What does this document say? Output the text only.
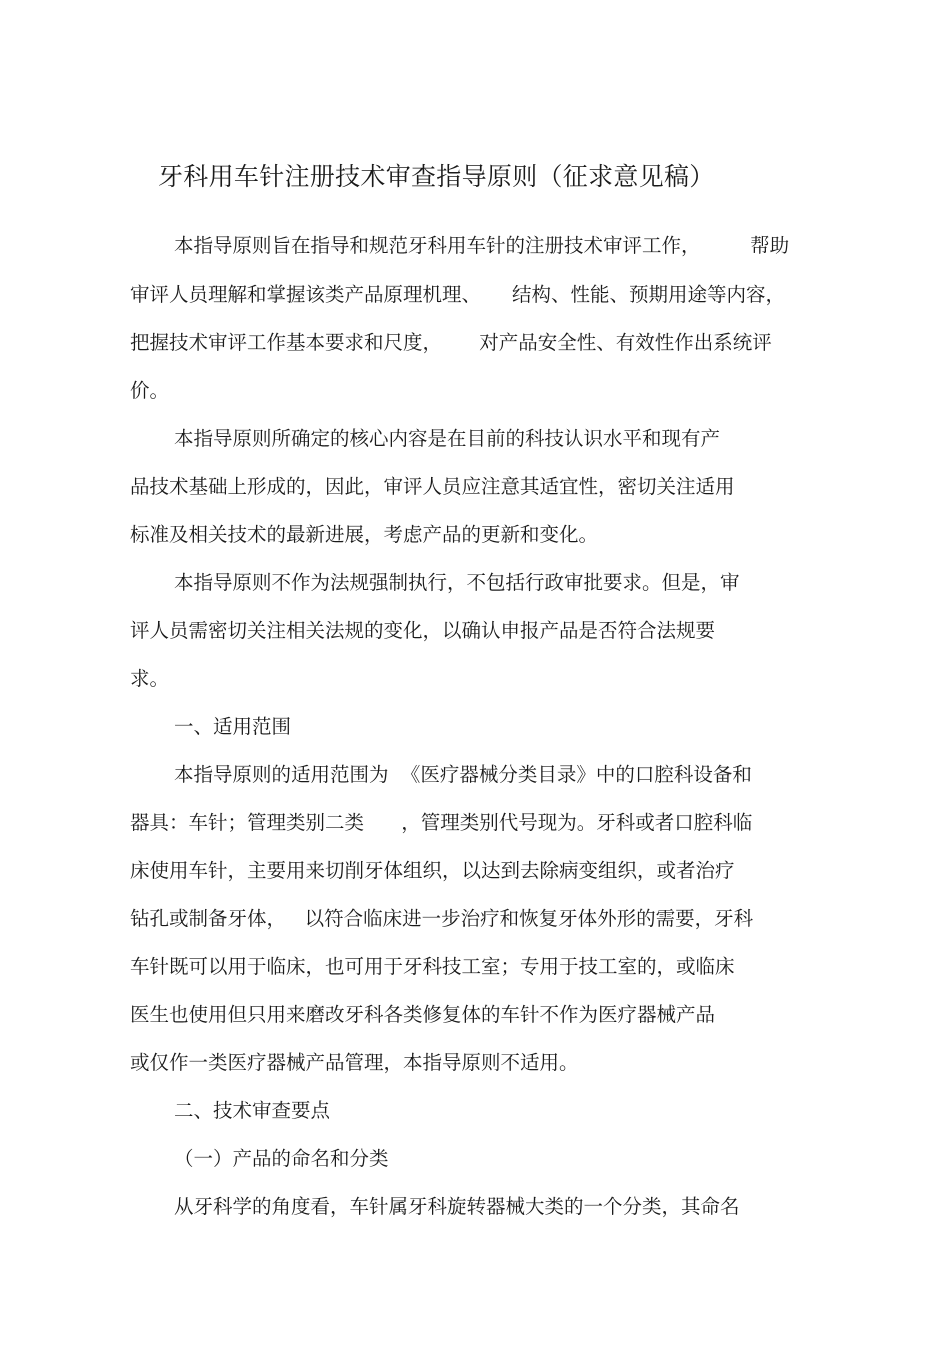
牙科用车针注册技术审查指导原则（征求意见稿）
本指导原则旨在指导和规范牙科用车针的注册技术审评工作，        帮助
审评人员理解和掌握该类产品原理机理、     结构、性能、预期用途等内容，
把握技术审评工作基本要求和尺度，      对产品安全性、有效性作出系统评
价。
本指导原则所确定的核心内容是在目前的科技认识水平和现有产
品技术基础上形成的，因此，审评人员应注意其适宜性，密切关注适用
标准及相关技术的最新进展，考虑产品的更新和变化。
本指导原则不作为法规强制执行，不包括行政审批要求。但是，审
评人员需密切关注相关法规的变化，以确认申报产品是否符合法规要
求。
一、适用范围
本指导原则的适用范围为  《医疗器械分类目录》中的口腔科设备和
器具：车针；管理类别二类      ，管理类别代号现为。牙科或者口腔科临
床使用车针，主要用来切削牙体组织，以达到去除病变组织，或者治疗
钻孔或制备牙体，   以符合临床进一步治疗和恢复牙体外形的需要，牙科
车针既可以用于临床，也可用于牙科技工室；专用于技工室的，或临床
医生也使用但只用来磨改牙科各类修复体的车针不作为医疗器械产品
或仅作一类医疗器械产品管理，本指导原则不适用。
二、技术审查要点
（一）产品的命名和分类
从牙科学的角度看，车针属牙科旋转器械大类的一个分类，其命名
